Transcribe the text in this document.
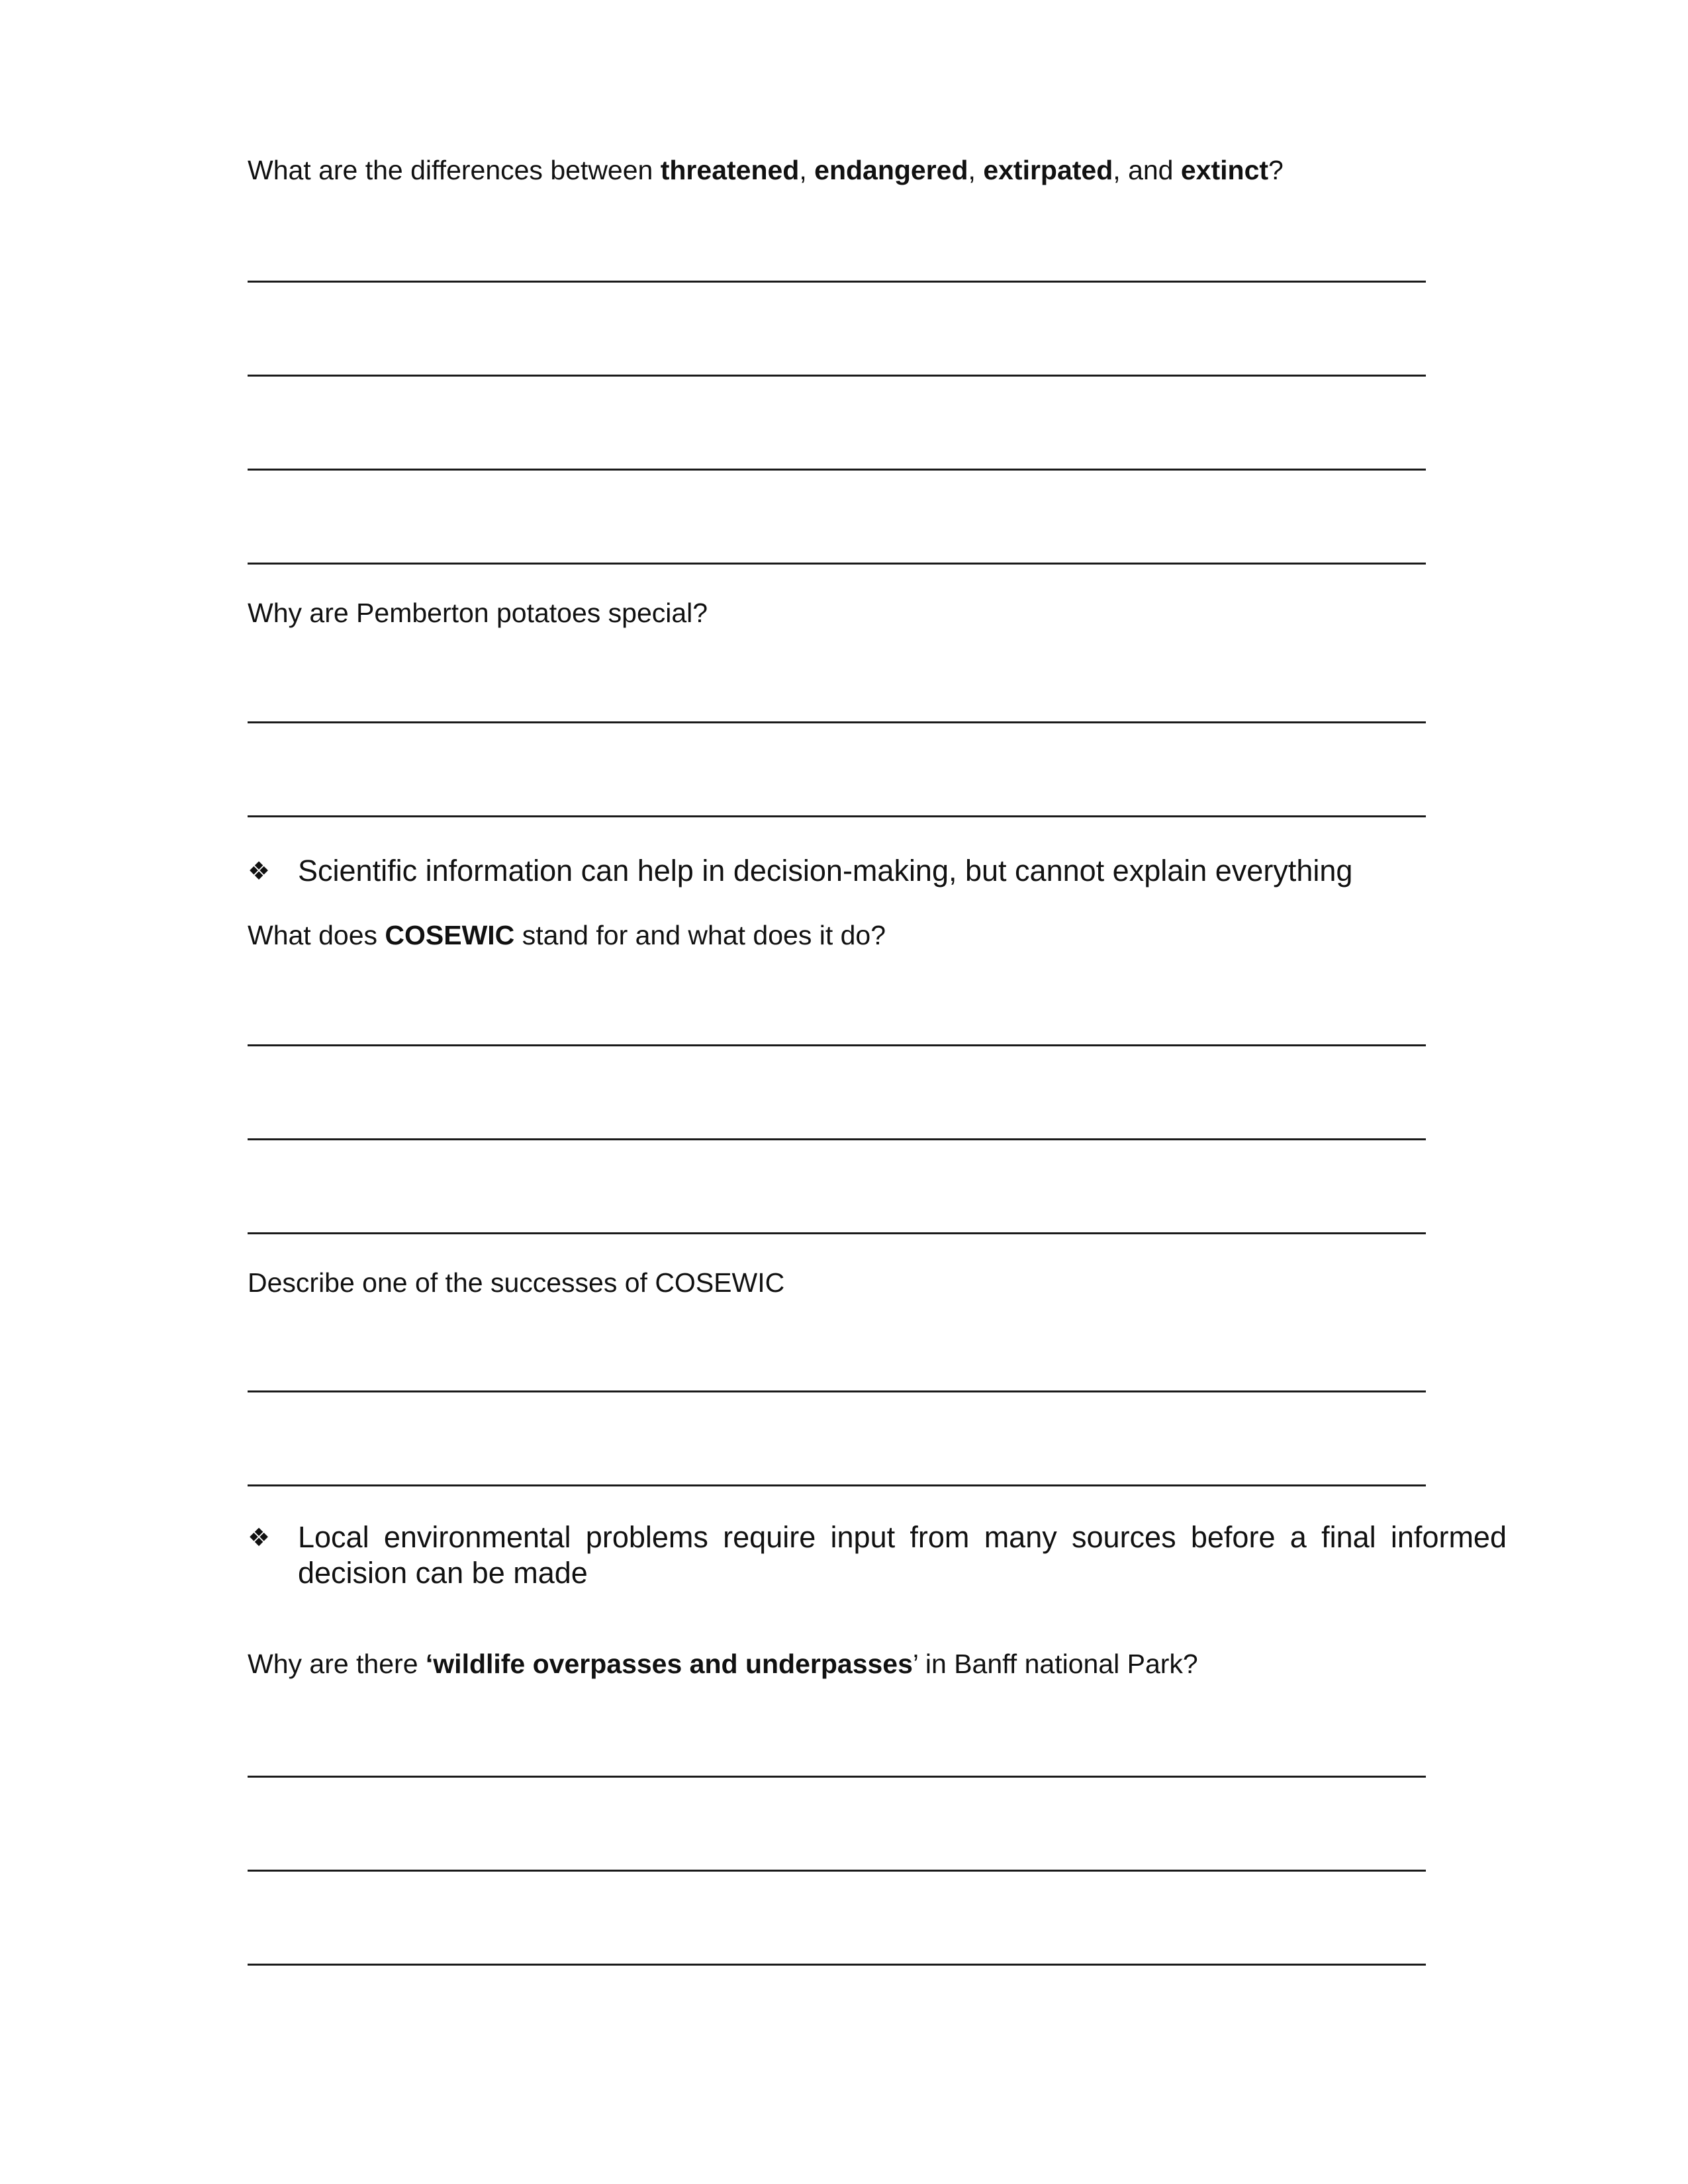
What are the differences between threatened, endangered, extirpated, and extinct?
Why are Pemberton potatoes special?
❖ Scientific information can help in decision-making, but cannot explain everything
What does COSEWIC stand for and what does it do?
Describe one of the successes of COSEWIC
❖ Local environmental problems require input from many sources before a final informed decision can be made
Why are there ‘wildlife overpasses and underpasses’ in Banff national Park?
